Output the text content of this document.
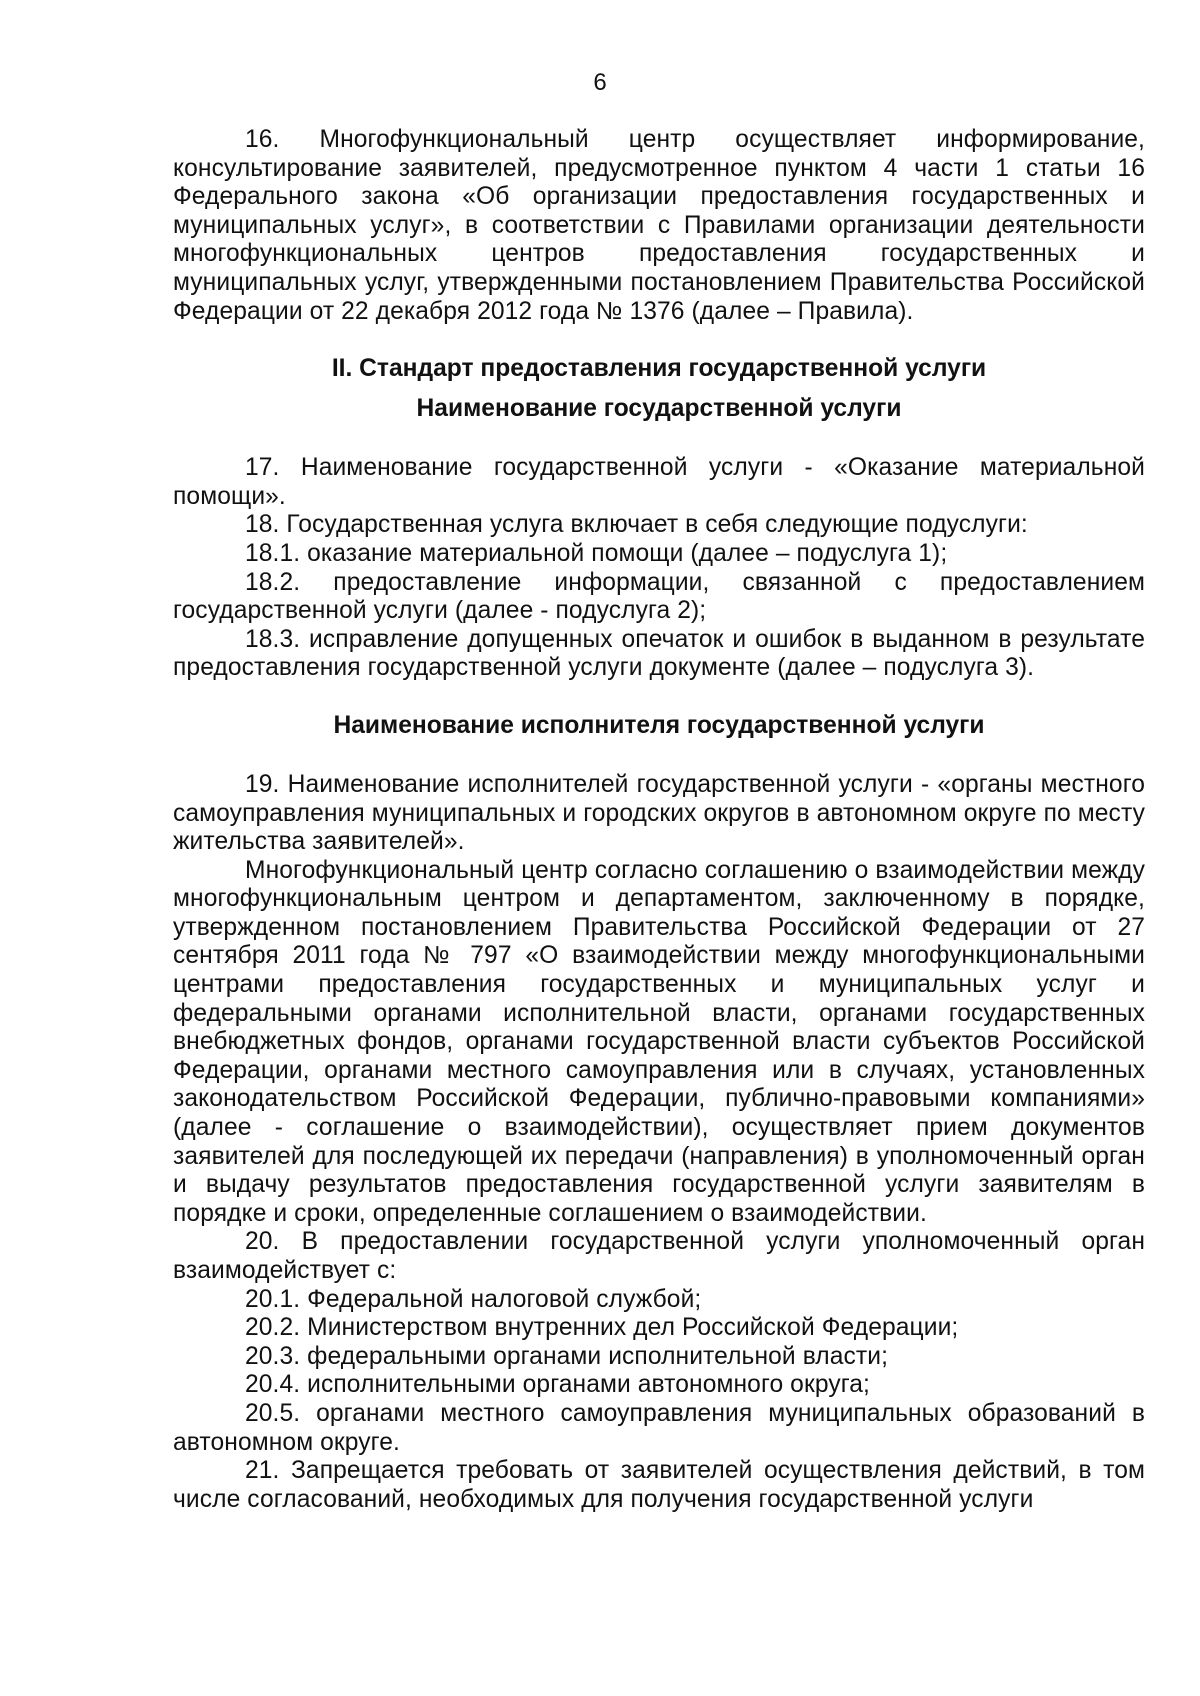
6

16. Многофункциональный центр осуществляет информирование, консультирование заявителей, предусмотренное пунктом 4 части 1 статьи 16 Федерального закона «Об организации предоставления государственных и муниципальных услуг», в соответствии с Правилами организации деятельности многофункциональных центров предоставления государственных и муниципальных услуг, утвержденными постановлением Правительства Российской Федерации от 22 декабря 2012 года № 1376 (далее – Правила).

II. Стандарт предоставления государственной услуги

Наименование государственной услуги

17. Наименование государственной услуги - «Оказание материальной помощи».

18. Государственная услуга включает в себя следующие подуслуги:

18.1. оказание материальной помощи (далее – подуслуга 1);

18.2. предоставление информации, связанной с предоставлением государственной услуги (далее - подуслуга 2);

18.3. исправление допущенных опечаток и ошибок в выданном в результате предоставления государственной услуги документе (далее – подуслуга 3).

Наименование исполнителя государственной услуги

19. Наименование исполнителей государственной услуги - «органы местного самоуправления муниципальных и городских округов в автономном округе по месту жительства заявителей».

Многофункциональный центр согласно соглашению о взаимодействии между многофункциональным центром и департаментом, заключенному в порядке, утвержденном постановлением Правительства Российской Федерации от 27 сентября 2011 года № 797 «О взаимодействии между многофункциональными центрами предоставления государственных и муниципальных услуг и федеральными органами исполнительной власти, органами государственных внебюджетных фондов, органами государственной власти субъектов Российской Федерации, органами местного самоуправления или в случаях, установленных законодательством Российской Федерации, публично-правовыми компаниями» (далее - соглашение о взаимодействии), осуществляет прием документов заявителей для последующей их передачи (направления) в уполномоченный орган и выдачу результатов предоставления государственной услуги заявителям в порядке и сроки, определенные соглашением о взаимодействии.

20. В предоставлении государственной услуги уполномоченный орган взаимодействует с:

20.1. Федеральной налоговой службой;

20.2. Министерством внутренних дел Российской Федерации;

20.3. федеральными органами исполнительной власти;

20.4. исполнительными органами автономного округа;

20.5. органами местного самоуправления муниципальных образований в автономном округе.

21. Запрещается требовать от заявителей осуществления действий, в том числе согласований, необходимых для получения государственной услуги
